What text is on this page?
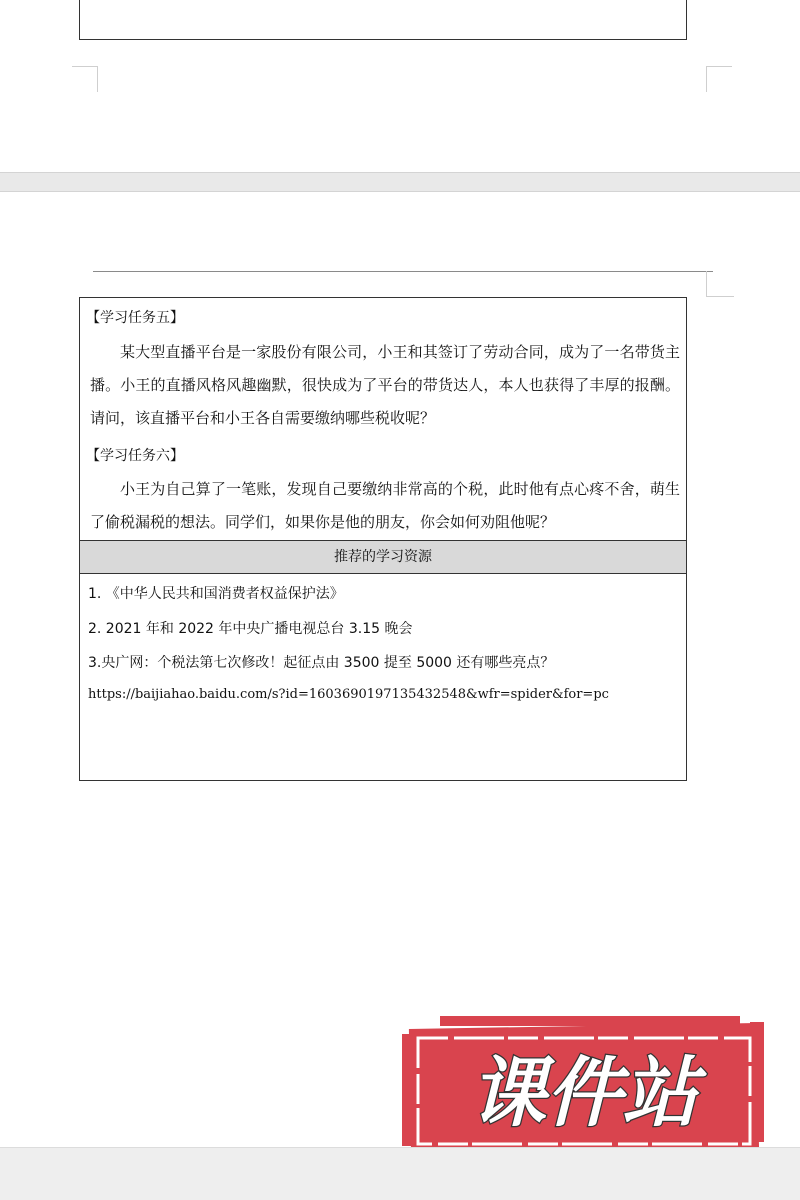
【学习任务五】
某大型直播平台是一家股份有限公司，小王和其签订了劳动合同，成为了一名带货主播。小王的直播风格风趣幽默，很快成为了平台的带货达人，本人也获得了丰厚的报酬。请问，该直播平台和小王各自需要缴纳哪些税收呢？
【学习任务六】
小王为自己算了一笔账，发现自己要缴纳非常高的个税，此时他有点心疼不舍，萌生了偷税漏税的想法。同学们，如果你是他的朋友，你会如何劝阻他呢？
推荐的学习资源
1. 《中华人民共和国消费者权益保护法》
2. 2021 年和 2022 年中央广播电视总台 3.15 晚会
3.央广网：个税法第七次修改！起征点由 3500 提至 5000 还有哪些亮点？
https://baijiahao.baidu.com/s?id=1603690197135432548&wfr=spider&for=pc
课件站
